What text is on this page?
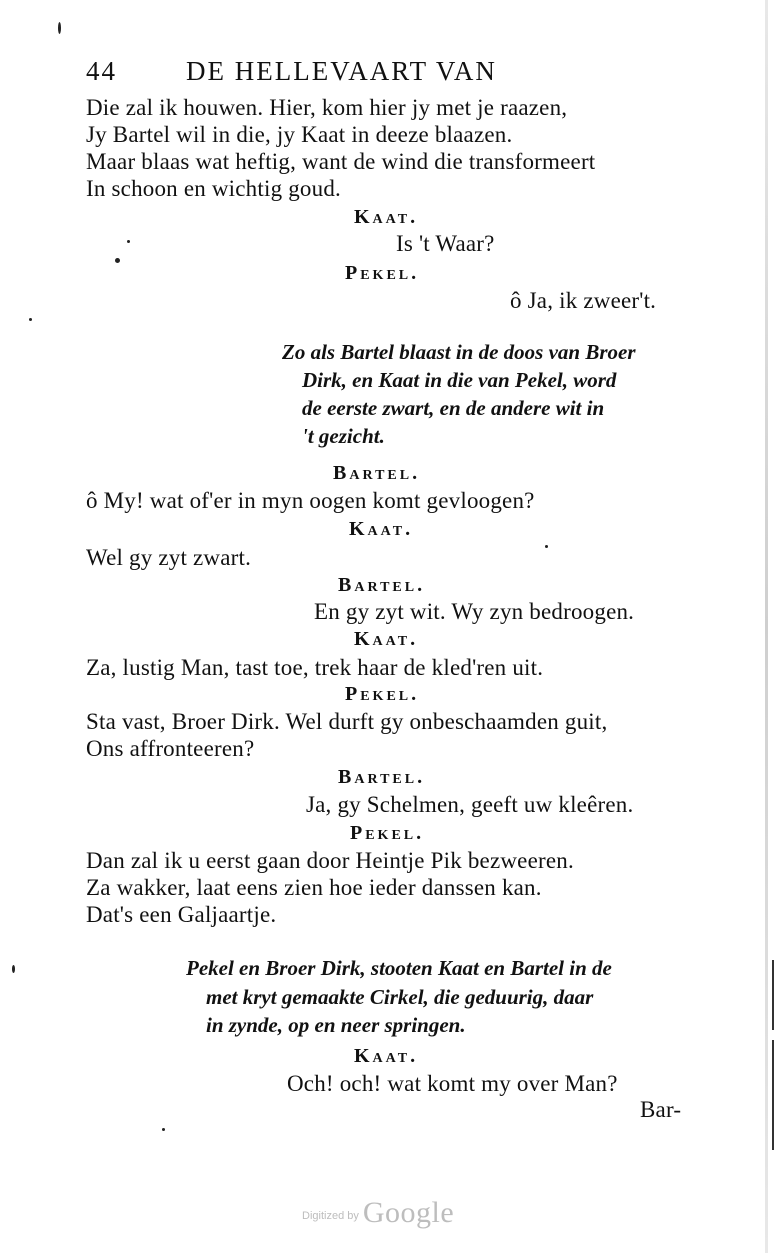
44	DE HELLEVAART VAN
Die zal ik houwen. Hier, kom hier jy met je raazen,
Jy Bartel wil in die, jy Kaat in deeze blaazen.
Maar blaas wat heftig, want de wind die transformeert
In schoon en wichtig goud.
Kaat.
Is 't Waar?
Pekel.
ô Ja, ik zweer't.
Zo als Bartel blaast in de doos van Broer
Dirk, en Kaat in die van Pekel, word
de eerste zwart, en de andere wit in
't gezicht.
Bartel.
ô My! wat of'er in myn oogen komt gevloogen?
Kaat.
Wel gy zyt zwart.
Bartel.
En gy zyt wit. Wy zyn bedroogen.
Kaat.
Za, lustig Man, tast toe, trek haar de kled'ren uit.
Pekel.
Sta vast, Broer Dirk. Wel durft gy onbeschaamden guit,
Ons affronteeren?
Bartel.
Ja, gy Schelmen, geeft uw kleêren.
Pekel.
Dan zal ik u eerst gaan door Heintje Pik bezweeren.
Za wakker, laat eens zien hoe ieder danssen kan.
Dat's een Galjaartje.
Pekel en Broer Dirk, stooten Kaat en Bartel in de
met kryt gemaakte Cirkel, die geduurig, daar
in zynde, op en neer springen.
Kaat.
Och! och! wat komt my over Man?
Bar-
Digitized by Google
